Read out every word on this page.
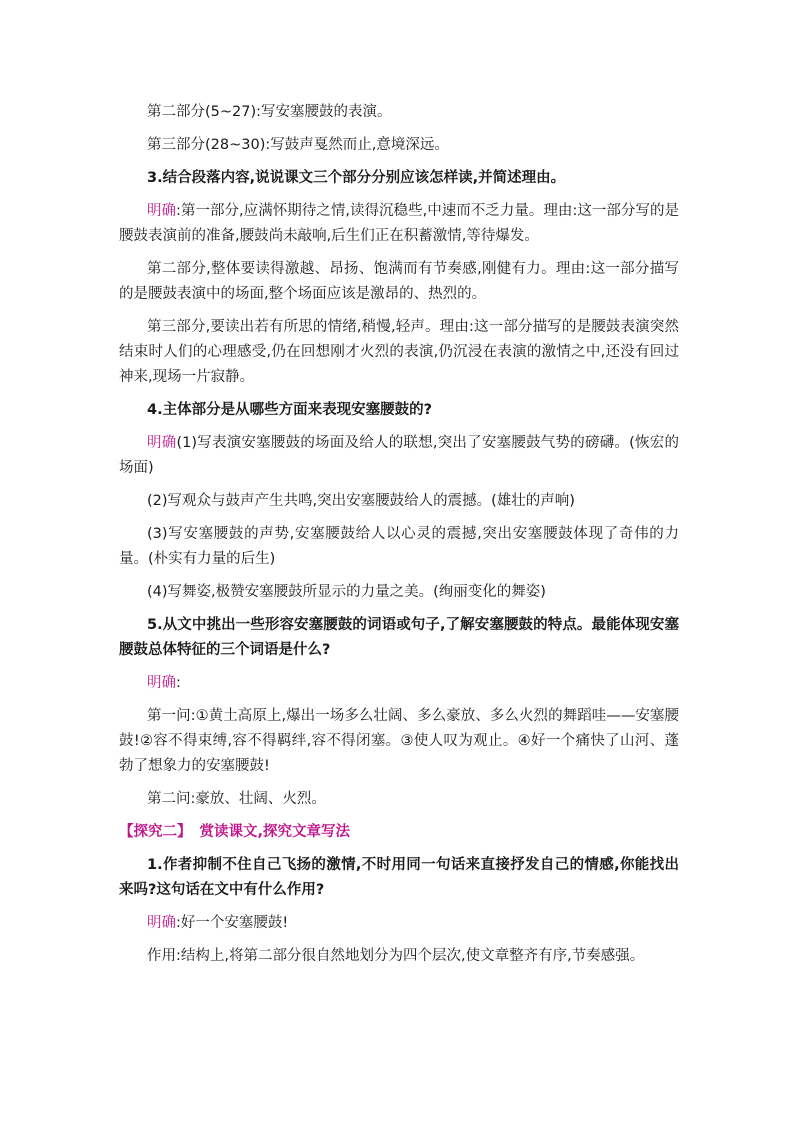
第二部分(5~27):写安塞腰鼓的表演。

第三部分(28~30):写鼓声戛然而止,意境深远。

3.结合段落内容,说说课文三个部分分别应该怎样读,并简述理由。

明确:第一部分,应满怀期待之情,读得沉稳些,中速而不乏力量。理由:这一部分写的是腰鼓表演前的准备,腰鼓尚未敲响,后生们正在积蓄激情,等待爆发。

第二部分,整体要读得激越、昂扬、饱满而有节奏感,刚健有力。理由:这一部分描写的是腰鼓表演中的场面,整个场面应该是激昂的、热烈的。

第三部分,要读出若有所思的情绪,稍慢,轻声。理由:这一部分描写的是腰鼓表演突然结束时人们的心理感受,仍在回想刚才火烈的表演,仍沉浸在表演的激情之中,还没有回过神来,现场一片寂静。

4.主体部分是从哪些方面来表现安塞腰鼓的?

明确(1)写表演安塞腰鼓的场面及给人的联想,突出了安塞腰鼓气势的磅礴。(恢宏的场面)

(2)写观众与鼓声产生共鸣,突出安塞腰鼓给人的震撼。(雄壮的声响)

(3)写安塞腰鼓的声势,安塞腰鼓给人以心灵的震撼,突出安塞腰鼓体现了奇伟的力量。(朴实有力量的后生)

(4)写舞姿,极赞安塞腰鼓所显示的力量之美。(绚丽变化的舞姿)

5.从文中挑出一些形容安塞腰鼓的词语或句子,了解安塞腰鼓的特点。最能体现安塞腰鼓总体特征的三个词语是什么?

明确:

第一问:①黄土高原上,爆出一场多么壮阔、多么豪放、多么火烈的舞蹈哇——安塞腰鼓!②容不得束缚,容不得羁绊,容不得闭塞。③使人叹为观止。④好一个痛快了山河、蓬勃了想象力的安塞腰鼓!

第二问:豪放、壮阔、火烈。

【探究二】 赏读课文,探究文章写法

1.作者抑制不住自己飞扬的激情,不时用同一句话来直接抒发自己的情感,你能找出来吗?这句话在文中有什么作用?

明确:好一个安塞腰鼓!

作用:结构上,将第二部分很自然地划分为四个层次,使文章整齐有序,节奏感强。
